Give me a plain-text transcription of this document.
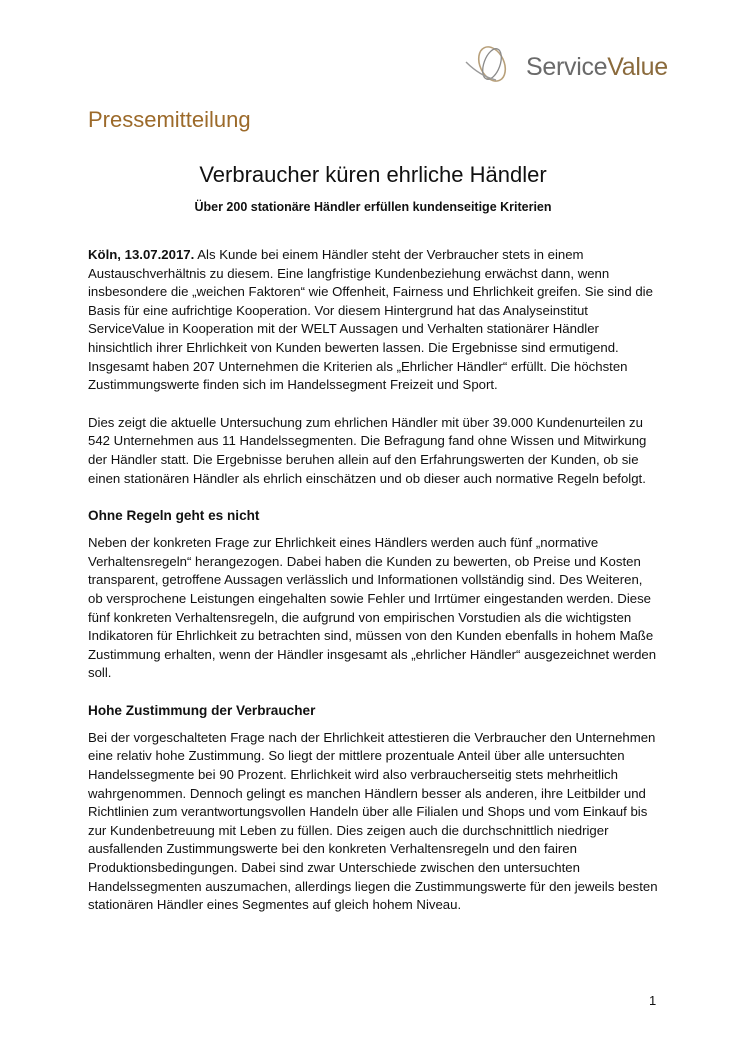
ServiceValue
Pressemitteilung
Verbraucher küren ehrliche Händler
Über 200 stationäre Händler erfüllen kundenseitige Kriterien

Köln, 13.07.2017. Als Kunde bei einem Händler steht der Verbraucher stets in einem Austauschverhältnis zu diesem. Eine langfristige Kundenbeziehung erwächst dann, wenn insbesondere die „weichen Faktoren“ wie Offenheit, Fairness und Ehrlichkeit greifen. Sie sind die Basis für eine aufrichtige Kooperation. Vor diesem Hintergrund hat das Analyseinstitut ServiceValue in Kooperation mit der WELT Aussagen und Verhalten stationärer Händler hinsichtlich ihrer Ehrlichkeit von Kunden bewerten lassen. Die Ergebnisse sind ermutigend. Insgesamt haben 207 Unternehmen die Kriterien als „Ehrlicher Händler“ erfüllt. Die höchsten Zustimmungswerte finden sich im Handelssegment Freizeit und Sport.

Dies zeigt die aktuelle Untersuchung zum ehrlichen Händler mit über 39.000 Kundenurteilen zu 542 Unternehmen aus 11 Handelssegmenten. Die Befragung fand ohne Wissen und Mitwirkung der Händler statt. Die Ergebnisse beruhen allein auf den Erfahrungswerten der Kunden, ob sie einen stationären Händler als ehrlich einschätzen und ob dieser auch normative Regeln befolgt.

Ohne Regeln geht es nicht

Neben der konkreten Frage zur Ehrlichkeit eines Händlers werden auch fünf „normative Verhaltensregeln“ herangezogen. Dabei haben die Kunden zu bewerten, ob Preise und Kosten transparent, getroffene Aussagen verlässlich und Informationen vollständig sind. Des Weiteren, ob versprochene Leistungen eingehalten sowie Fehler und Irrtümer eingestanden werden. Diese fünf konkreten Verhaltensregeln, die aufgrund von empirischen Vorstudien als die wichtigsten Indikatoren für Ehrlichkeit zu betrachten sind, müssen von den Kunden ebenfalls in hohem Maße Zustimmung erhalten, wenn der Händler insgesamt als „ehrlicher Händler“ ausgezeichnet werden soll.

Hohe Zustimmung der Verbraucher

Bei der vorgeschalteten Frage nach der Ehrlichkeit attestieren die Verbraucher den Unternehmen eine relativ hohe Zustimmung. So liegt der mittlere prozentuale Anteil über alle untersuchten Handelssegmente bei 90 Prozent. Ehrlichkeit wird also verbraucherseitig stets mehrheitlich wahrgenommen. Dennoch gelingt es manchen Händlern besser als anderen, ihre Leitbilder und Richtlinien zum verantwortungsvollen Handeln über alle Filialen und Shops und vom Einkauf bis zur Kundenbetreuung mit Leben zu füllen. Dies zeigen auch die durchschnittlich niedriger ausfallenden Zustimmungswerte bei den konkreten Verhaltensregeln und den fairen Produktionsbedingungen. Dabei sind zwar Unterschiede zwischen den untersuchten Handelssegmenten auszumachen, allerdings liegen die Zustimmungswerte für den jeweils besten stationären Händler eines Segmentes auf gleich hohem Niveau.

1
